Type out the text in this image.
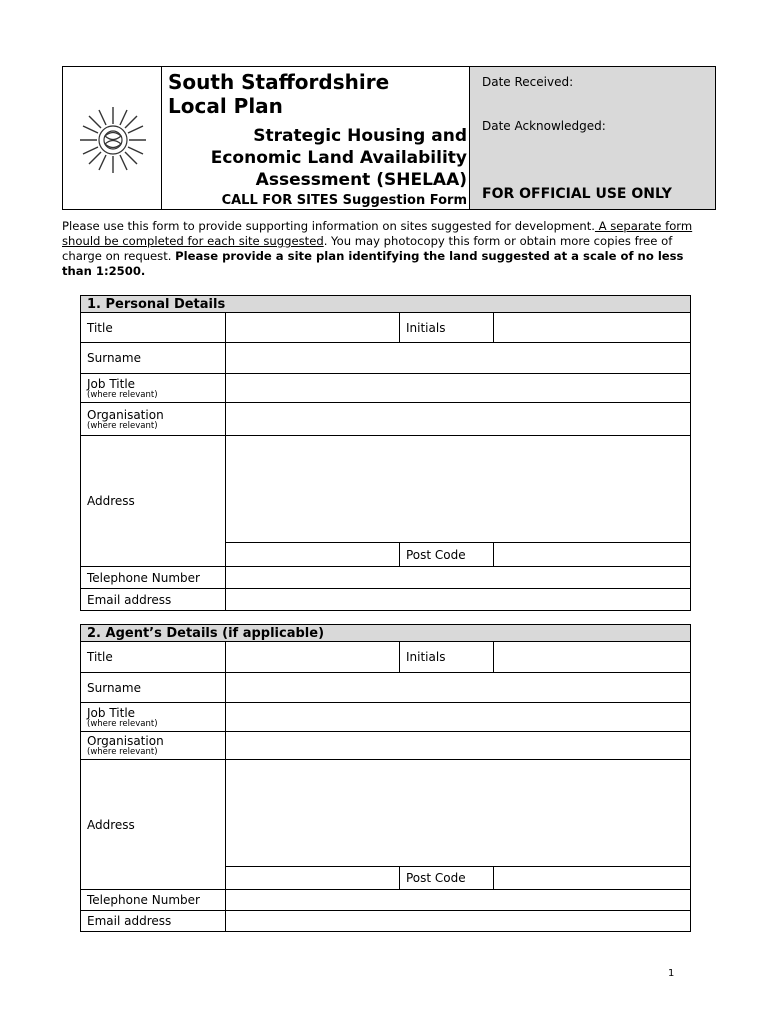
South Staffordshire
Local Plan
Strategic Housing and
Economic Land Availability
Assessment (SHELAA)
CALL FOR SITES Suggestion Form
Date Received:
Date Acknowledged:
FOR OFFICIAL USE ONLY
Please use this form to provide supporting information on sites suggested for development. A separate form should be completed for each site suggested. You may photocopy this form or obtain more copies free of charge on request. Please provide a site plan identifying the land suggested at a scale of no less than 1:2500.
1. Personal Details			
Title		Initials	
Surname			
Job Title
(where relevant)			

Organisation
(where relevant)			

Address			
		Post Code	
Telephone Number			
Email address			
2. Agent’s Details (if applicable)			
Title		Initials	
Surname			
Job Title
(where relevant)			

Organisation
(where relevant)			

Address			
		Post Code	
Telephone Number			
Email address			
1
